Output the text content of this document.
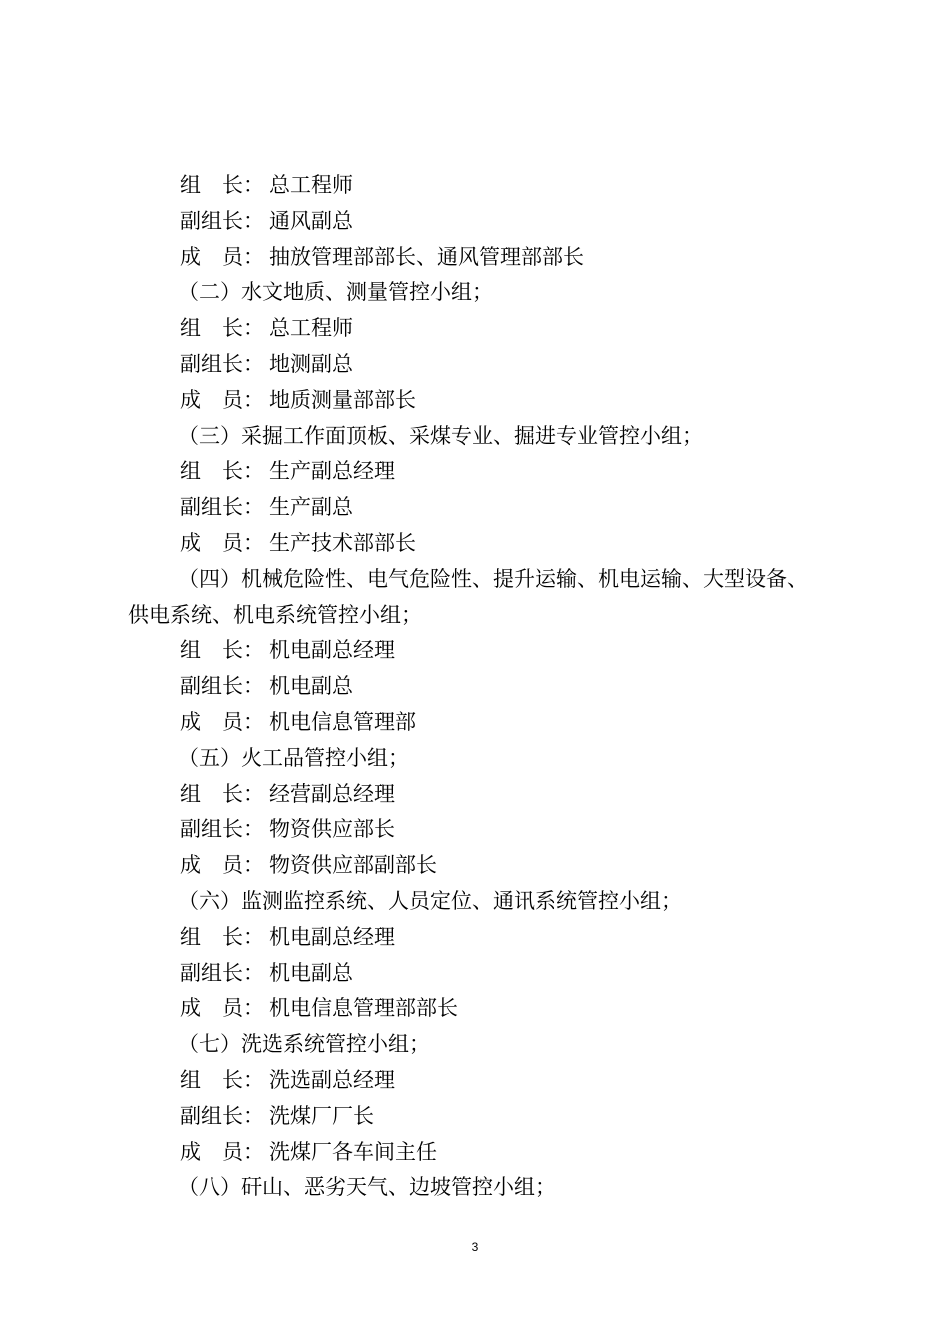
组　长： 总工程师
副组长： 通风副总
成　员： 抽放管理部部长、通风管理部部长
（二）水文地质、测量管控小组；
组　长： 总工程师
副组长： 地测副总
成　员： 地质测量部部长
（三）采掘工作面顶板、采煤专业、掘进专业管控小组；
组　长： 生产副总经理
副组长： 生产副总
成　员： 生产技术部部长
（四）机械危险性、电气危险性、提升运输、机电运输、大型设备、
供电系统、机电系统管控小组；
组　长： 机电副总经理
副组长： 机电副总
成　员： 机电信息管理部
（五）火工品管控小组；
组　长： 经营副总经理
副组长： 物资供应部长
成　员： 物资供应部副部长
（六）监测监控系统、人员定位、通讯系统管控小组；
组　长： 机电副总经理
副组长： 机电副总
成　员： 机电信息管理部部长
（七）洗选系统管控小组；
组　长： 洗选副总经理
副组长： 洗煤厂厂长
成　员： 洗煤厂各车间主任
（八）矸山、恶劣天气、边坡管控小组；
3
